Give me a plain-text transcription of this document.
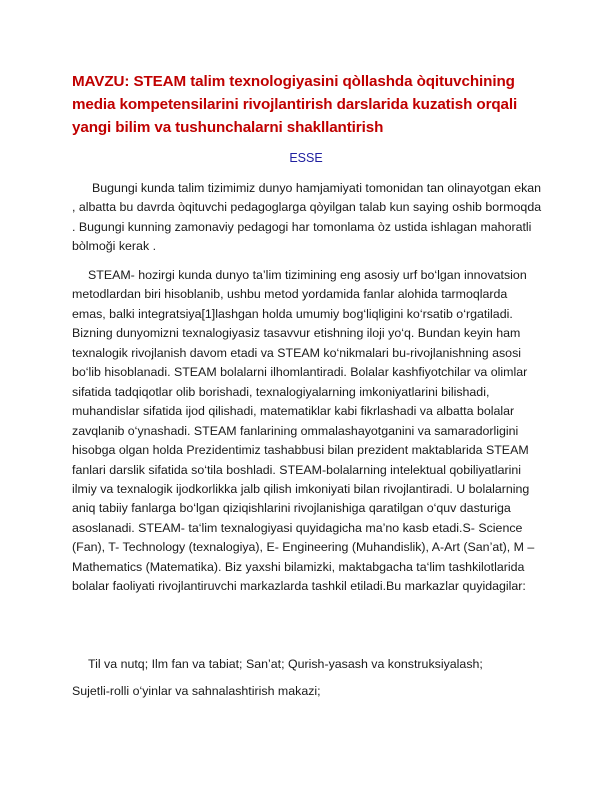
MAVZU: STEAM talim texnologiyasini qòllashda òqituvchining media kompetensilarini rivojlantirish darslarida kuzatish orqali yangi bilim va tushunchalarni shakllantirish
ESSE

Bugungi kunda talim tizimimiz dunyo hamjamiyati tomonidan tan olinayotgan ekan , albatta bu davrda òqituvchi pedagoglarga qòyilgan talab kun saying oshib bormoqda . Bugungi kunning zamonaviy pedagogi har tomonlama òz ustida ishlagan mahoratli bòlmoği kerak .

STEAM- hozirgi kunda dunyo ta’lim tizimining eng asosiy urf bo‘lgan innovatsion metodlardan biri hisoblanib, ushbu metod yordamida fanlar alohida tarmoqlarda emas, balki integratsiya[1]lashgan holda umumiy bog‘liqligini ko‘rsatib o‘rgatiladi. Bizning dunyomizni texnalogiyasiz tasavvur etishning iloji yo‘q. Bundan keyin ham texnalogik rivojlanish davom etadi va STEAM ko‘nikmalari bu-rivojlanishning asosi bo‘lib hisoblanadi. STEAM bolalarni ilhomlantiradi. Bolalar kashfiyotchilar va olimlar sifatida tadqiqotlar olib borishadi, texnalogiyalarning imkoniyatlarini bilishadi, muhandislar sifatida ijod qilishadi, matematiklar kabi fikrlashadi va albatta bolalar zavqlanib o‘ynashadi. STEAM fanlarining ommalashayotganini va samaradorligini hisobga olgan holda Prezidentimiz tashabbusi bilan prezident maktablarida STEAM fanlari darslik sifatida so‘tila boshladi. STEAM-bolalarning intelektual qobiliyatlarini ilmiy va texnalogik ijodkorlikka jalb qilish imkoniyati bilan rivojlantiradi. U bolalarning aniq tabiiy fanlarga bo‘lgan qiziqishlarini rivojlanishiga qaratilgan o‘quv dasturiga asoslanadi. STEAM- ta‘lim texnalogiyasi quyidagicha ma’no kasb etadi.S- Science (Fan), T- Technology (texnalogiya), E- Engineering (Muhandislik), A-Art (San’at), M – Mathematics (Matematika). Biz yaxshi bilamizki, maktabgacha ta‘lim tashkilotlarida bolalar faoliyati rivojlantiruvchi markazlarda tashkil etiladi.Bu markazlar quyidagilar:

Til va nutq; Ilm fan va tabiat; San’at; Qurish-yasash va konstruksiyalash;

Sujetli-rolli o‘yinlar va sahnalashtirish makazi;
